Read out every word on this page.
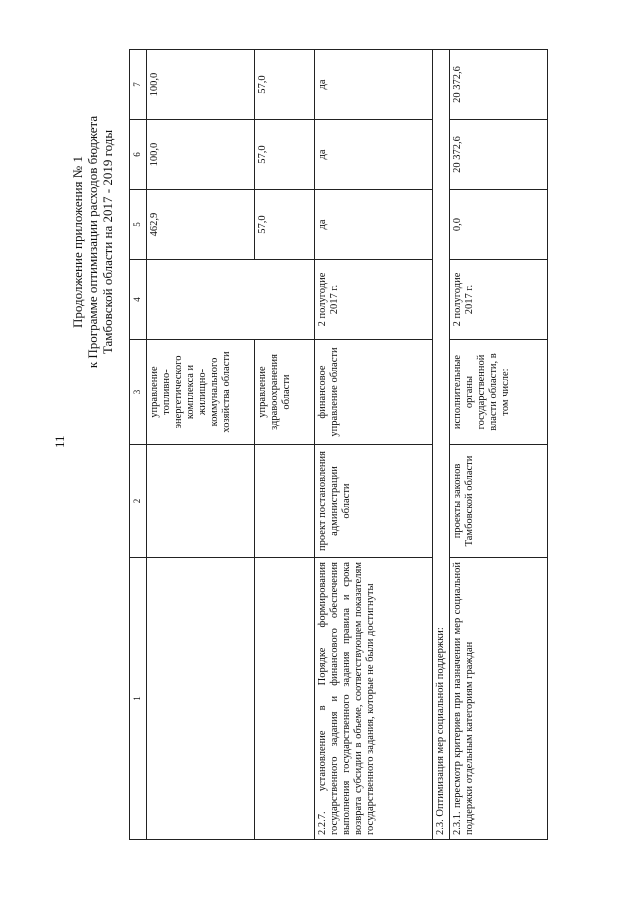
11
Продолжение приложения № 1 к Программе оптимизации расходов бюджета Тамбовской области на 2017 - 2019 годы
1	2	3	4	5	6	7
		управление топливно-энергетического комплекса и жилищно-коммунального хозяйства области		462,9	100,0	100,0
		управление здравоохранения области		57,0	57,0	57,0
2.2.7. установление в Порядке формирования государственного задания и финансового обеспечения выполнения государственного задания правила и срока возврата субсидии в объеме, соответствующем показателям государственного задания, которые не были достигнуты	проект постановления администрации области	финансовое управление области	2 полугодие 2017 г.	да	да	да
2.3. Оптимизация мер социальной поддержки:						
2.3.1. пересмотр критериев при назначении мер социальной поддержки отдельным категориям граждан	проекты законов Тамбовской области	исполнительные органы государственной власти области, в том числе:	2 полугодие 2017 г.	0,0	20 372,6	20 372,6
